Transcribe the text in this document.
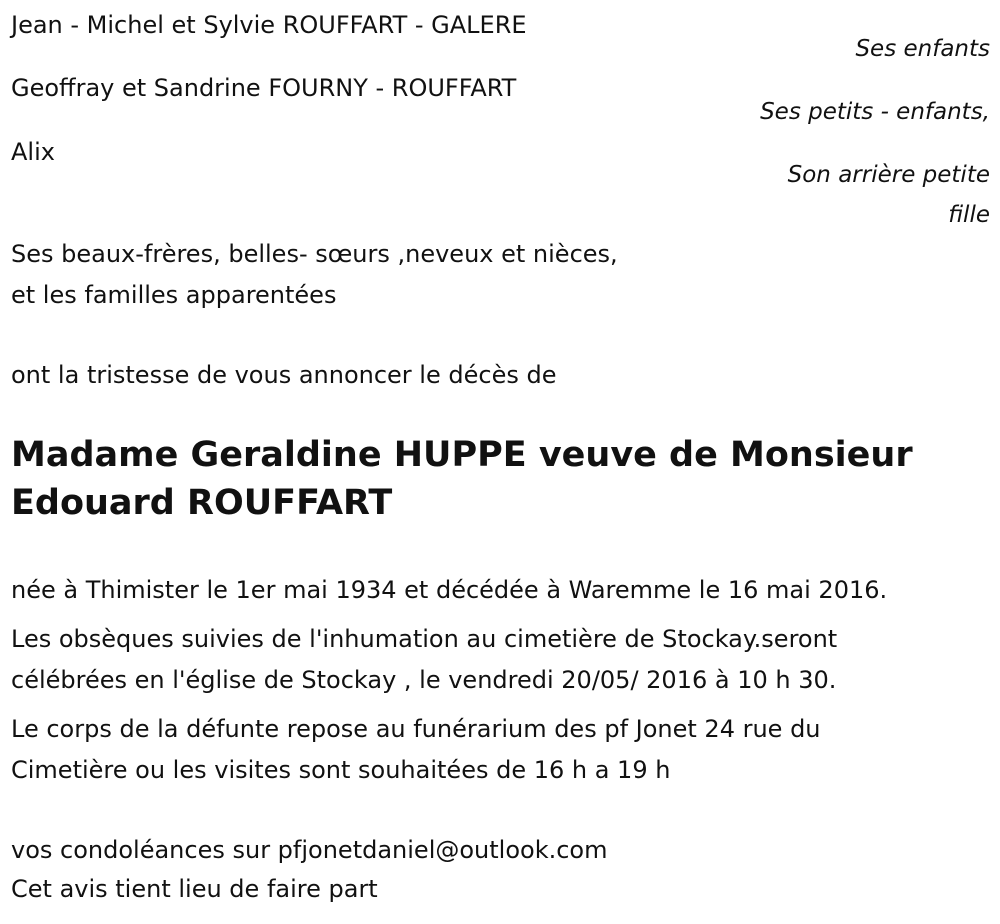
Jean - Michel et Sylvie ROUFFART - GALERE
Ses enfants
Geoffray et Sandrine FOURNY - ROUFFART
Ses petits - enfants,
Alix
Son arrière petite
fille
Ses beaux-frères, belles- sœurs ,neveux et nièces,
et les familles apparentées
ont la tristesse de vous annoncer le décès de
Madame Geraldine HUPPE veuve de Monsieur
Edouard ROUFFART
née à Thimister le 1er mai 1934 et décédée à Waremme le 16 mai 2016.
Les obsèques suivies de l'inhumation au cimetière de Stockay.seront
célébrées en l'église de Stockay , le vendredi 20/05/ 2016 à 10 h 30.
Le corps de la défunte repose au funérarium des pf Jonet 24 rue du
Cimetière ou les visites sont souhaitées de 16 h a 19 h
vos condoléances sur pfjonetdaniel@outlook.com
Cet avis tient lieu de faire part
